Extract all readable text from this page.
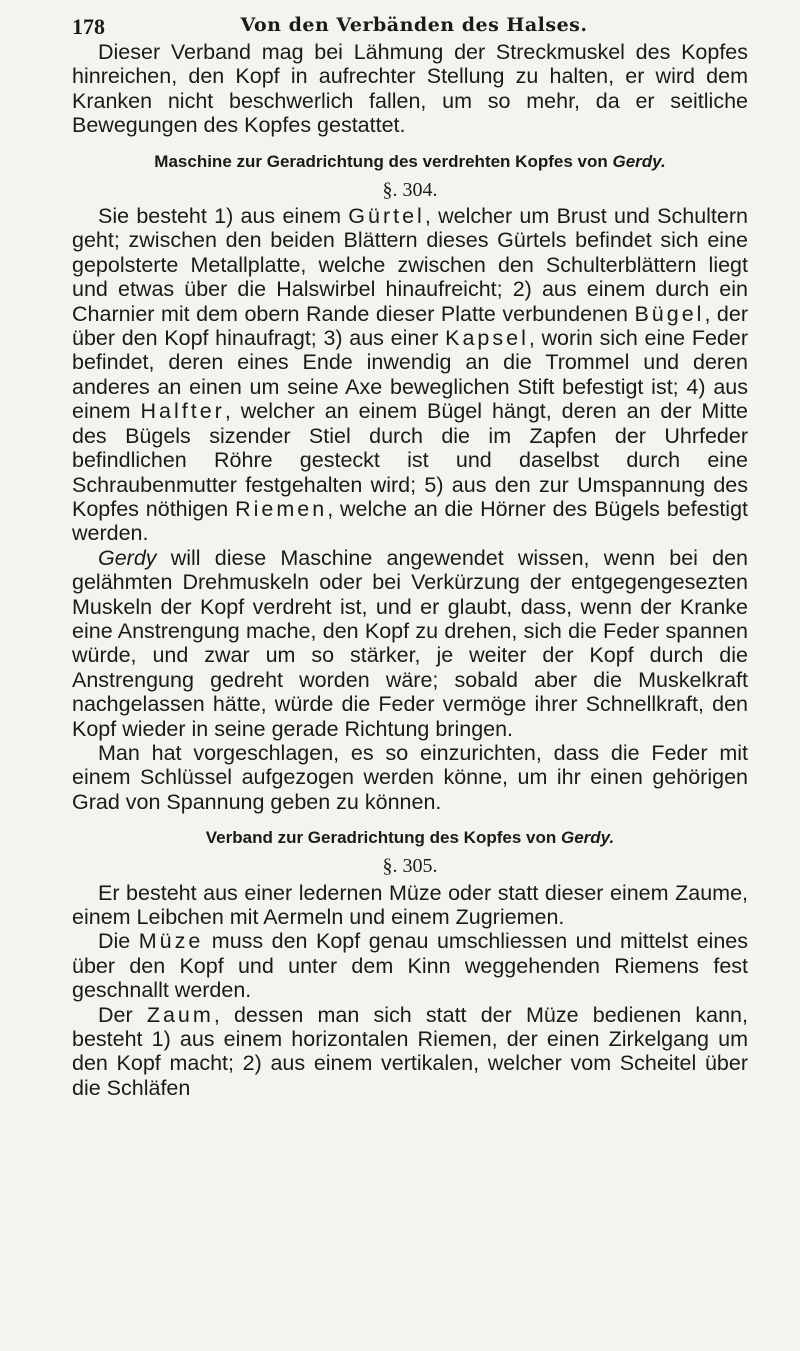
178	Von den Verbänden des Halses.

Dieser Verband mag bei Lähmung der Streckmuskel des Kopfes hinreichen, den Kopf in aufrechter Stellung zu halten, er wird dem Kranken nicht beschwerlich fallen, um so mehr, da er seitliche Bewegungen des Kopfes gestattet.

Maschine zur Geradrichtung des verdrehten Kopfes von Gerdy.
§. 304.

Sie besteht 1) aus einem Gürtel, welcher um Brust und Schultern geht; zwischen den beiden Blättern dieses Gürtels befindet sich eine gepolsterte Metallplatte, welche zwischen den Schulterblättern liegt und etwas über die Halswirbel hinaufreicht; 2) aus einem durch ein Charnier mit dem obern Rande dieser Platte verbundenen Bügel, der über den Kopf hinaufragt; 3) aus einer Kapsel, worin sich eine Feder befindet, deren eines Ende inwendig an die Trommel und deren anderes an einen um seine Axe beweglichen Stift befestigt ist; 4) aus einem Halfter, welcher an einem Bügel hängt, deren an der Mitte des Bügels sizender Stiel durch die im Zapfen der Uhrfeder befindlichen Röhre gesteckt ist und daselbst durch eine Schraubenmutter festgehalten wird; 5) aus den zur Umspannung des Kopfes nöthigen Riemen, welche an die Hörner des Bügels befestigt werden.

Gerdy will diese Maschine angewendet wissen, wenn bei den gelähmten Drehmuskeln oder bei Verkürzung der entgegengesezten Muskeln der Kopf verdreht ist, und er glaubt, dass, wenn der Kranke eine Anstrengung mache, den Kopf zu drehen, sich die Feder spannen würde, und zwar um so stärker, je weiter der Kopf durch die Anstrengung gedreht worden wäre; sobald aber die Muskelkraft nachgelassen hätte, würde die Feder vermöge ihrer Schnellkraft, den Kopf wieder in seine gerade Richtung bringen.

Man hat vorgeschlagen, es so einzurichten, dass die Feder mit einem Schlüssel aufgezogen werden könne, um ihr einen gehörigen Grad von Spannung geben zu können.

Verband zur Geradrichtung des Kopfes von Gerdy.
§. 305.

Er besteht aus einer ledernen Müze oder statt dieser einem Zaume, einem Leibchen mit Aermeln und einem Zugriemen.

Die Müze muss den Kopf genau umschliessen und mittelst eines über den Kopf und unter dem Kinn weggehenden Riemens fest geschnallt werden.

Der Zaum, dessen man sich statt der Müze bedienen kann, besteht 1) aus einem horizontalen Riemen, der einen Zirkelgang um den Kopf macht; 2) aus einem vertikalen, welcher vom Scheitel über die Schläfen
